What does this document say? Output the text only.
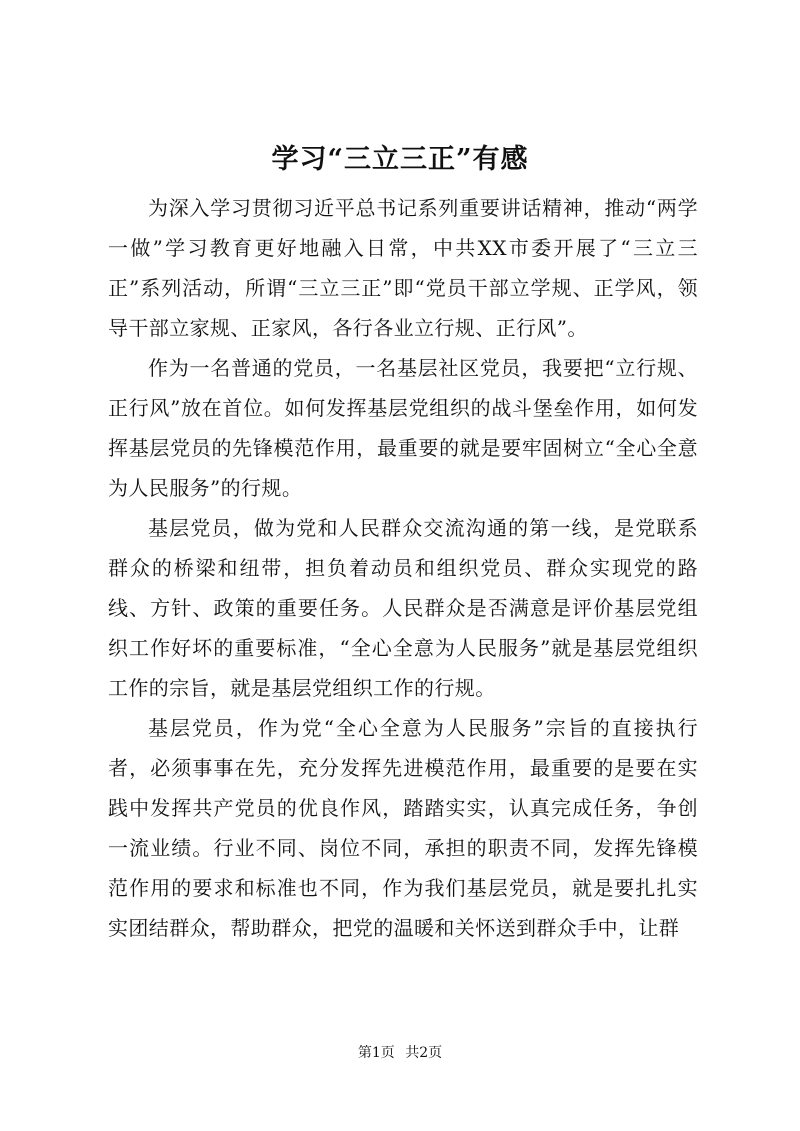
学习“三立三正”有感

为深入学习贯彻习近平总书记系列重要讲话精神，推动“两学一做”学习教育更好地融入日常，中共XX市委开展了“三立三正”系列活动，所谓“三立三正”即“党员干部立学规、正学风，领导干部立家规、正家风，各行各业立行规、正行风”。

作为一名普通的党员，一名基层社区党员，我要把“立行规、正行风”放在首位。如何发挥基层党组织的战斗堡垒作用，如何发挥基层党员的先锋模范作用，最重要的就是要牢固树立“全心全意为人民服务”的行规。

基层党员，做为党和人民群众交流沟通的第一线，是党联系群众的桥梁和纽带，担负着动员和组织党员、群众实现党的路线、方针、政策的重要任务。人民群众是否满意是评价基层党组织工作好坏的重要标准，“全心全意为人民服务”就是基层党组织工作的宗旨，就是基层党组织工作的行规。

基层党员，作为党“全心全意为人民服务”宗旨的直接执行者，必须事事在先，充分发挥先进模范作用，最重要的是要在实践中发挥共产党员的优良作风，踏踏实实，认真完成任务，争创一流业绩。行业不同、岗位不同，承担的职责不同，发挥先锋模范作用的要求和标准也不同，作为我们基层党员，就是要扎扎实实团结群众，帮助群众，把党的温暖和关怀送到群众手中，让群

第1页 共2页
